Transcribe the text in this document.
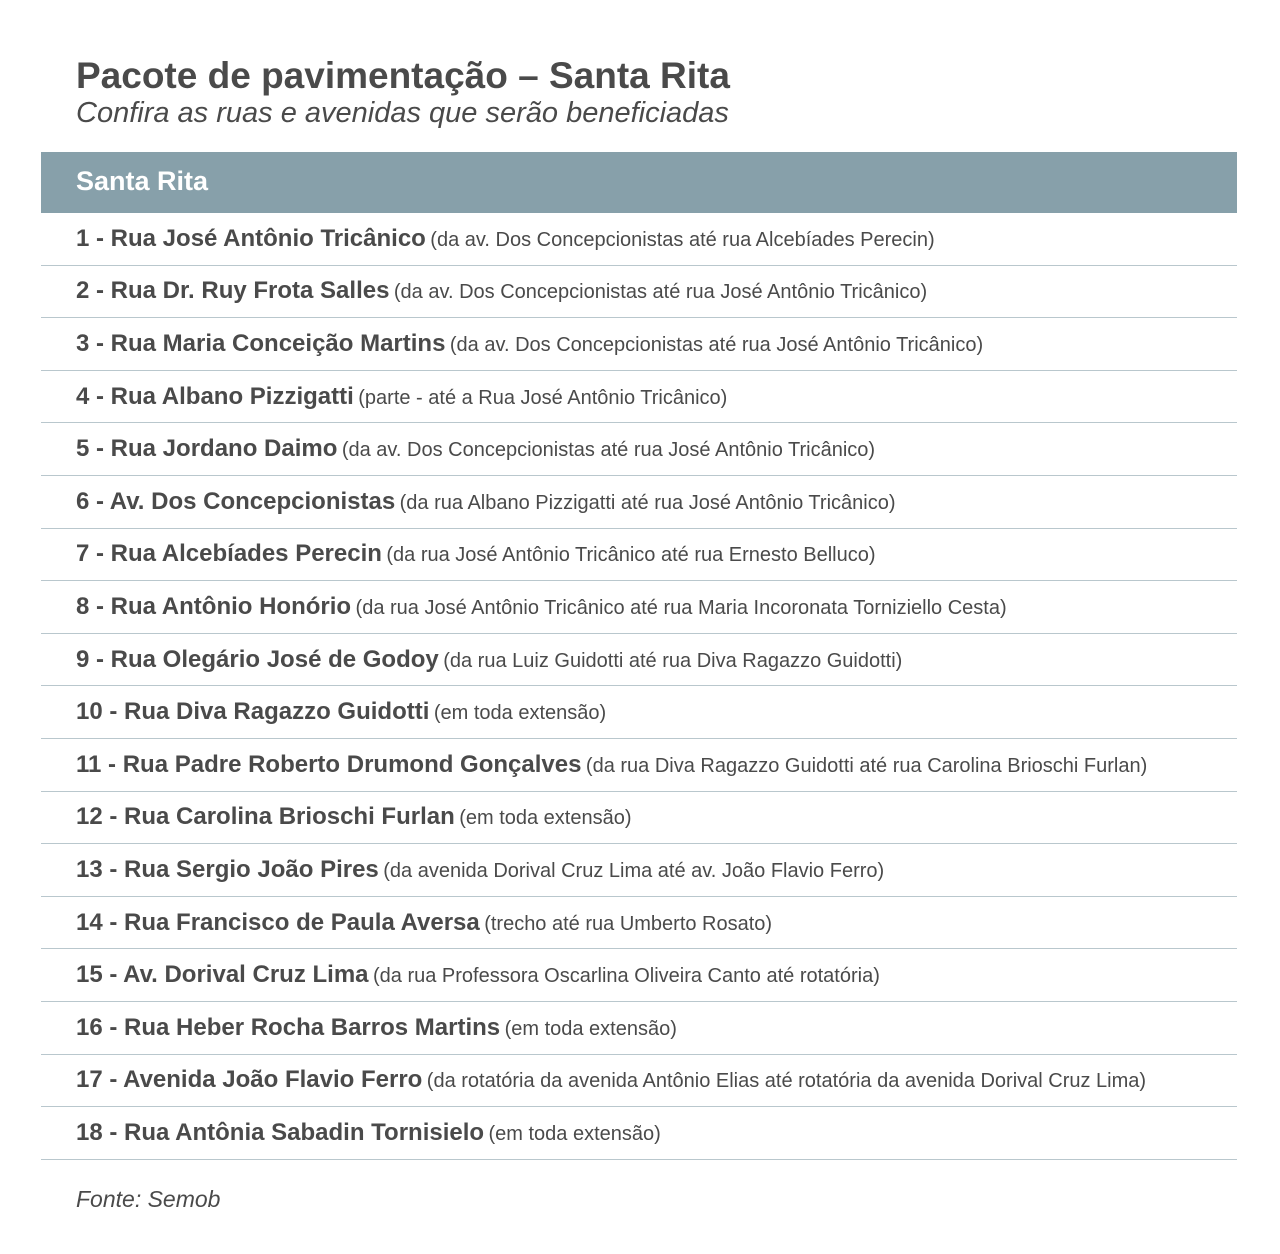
Pacote de pavimentação – Santa Rita
Confira as ruas e avenidas que serão beneficiadas
Santa Rita
1 - Rua José Antônio Tricânico (da av. Dos Concepcionistas até rua Alcebíades Perecin)
2 - Rua Dr. Ruy Frota Salles (da av. Dos Concepcionistas até rua José Antônio Tricânico)
3 - Rua Maria Conceição Martins (da av. Dos Concepcionistas até rua José Antônio Tricânico)
4 - Rua Albano Pizzigatti (parte - até a Rua José Antônio Tricânico)
5 - Rua Jordano Daimo (da av. Dos Concepcionistas até rua José Antônio Tricânico)
6 - Av. Dos Concepcionistas (da rua Albano Pizzigatti até rua José Antônio Tricânico)
7 - Rua Alcebíades Perecin (da rua José Antônio Tricânico até rua Ernesto Belluco)
8 - Rua Antônio Honório (da rua José Antônio Tricânico até rua Maria Incoronata Torniziello Cesta)
9 - Rua Olegário José de Godoy (da rua Luiz Guidotti até rua Diva Ragazzo Guidotti)
10 - Rua Diva Ragazzo Guidotti (em toda extensão)
11 - Rua Padre Roberto Drumond Gonçalves (da rua Diva Ragazzo Guidotti até rua Carolina Brioschi Furlan)
12 - Rua Carolina Brioschi Furlan (em toda extensão)
13 - Rua Sergio João Pires (da avenida Dorival Cruz Lima até av. João Flavio Ferro)
14 - Rua Francisco de Paula Aversa (trecho até rua Umberto Rosato)
15 - Av. Dorival Cruz Lima (da rua Professora Oscarlina Oliveira Canto até rotatória)
16 - Rua Heber Rocha Barros Martins (em toda extensão)
17 - Avenida João Flavio Ferro (da rotatória da avenida Antônio Elias até rotatória da avenida Dorival Cruz Lima)
18 - Rua Antônia Sabadin Tornisielo (em toda extensão)
Fonte: Semob
